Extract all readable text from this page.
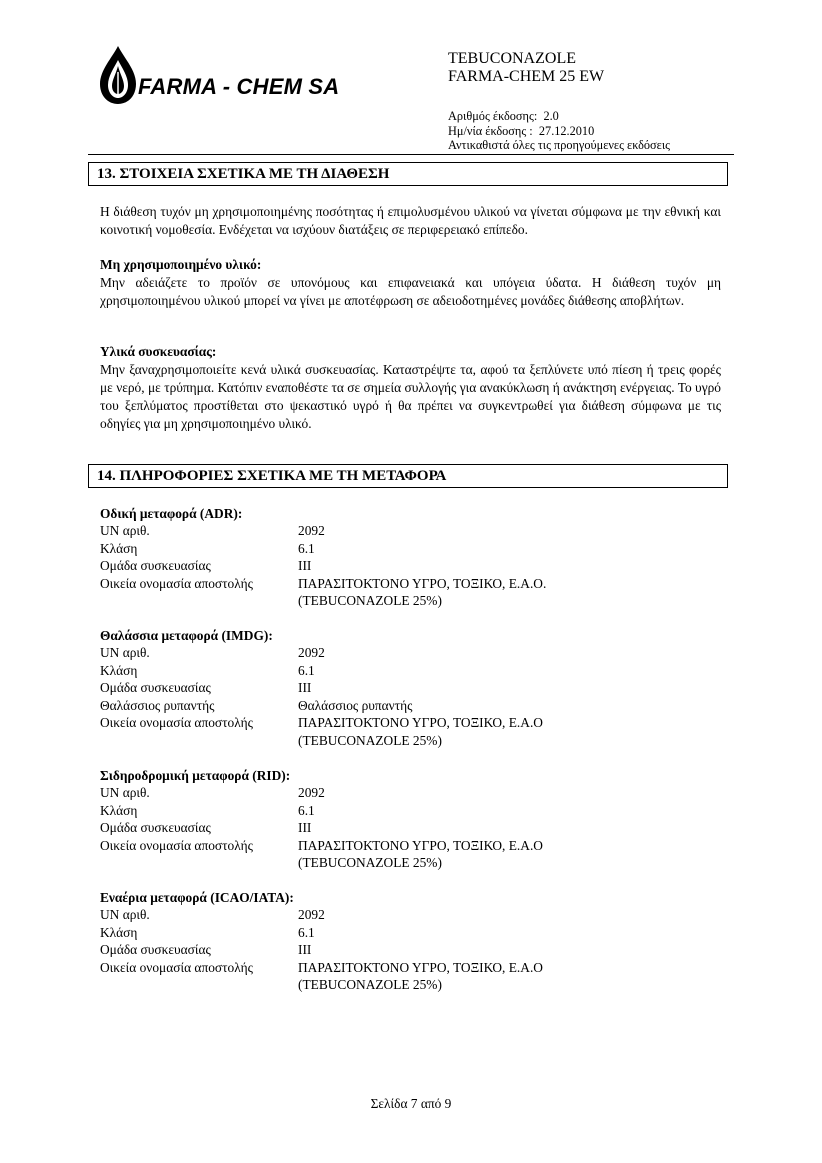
FARMA - CHEM SA
TEBUCONAZOLE
FARMA-CHEM 25 EW
Αριθμός έκδοσης: 2.0
Ημ/νία έκδοσης : 27.12.2010
Αντικαθιστά όλες τις προηγούμενες εκδόσεις
13. ΣΤΟΙΧΕΙΑ ΣΧΕΤΙΚΑ ΜΕ ΤΗ ΔΙΑΘΕΣΗ
Η διάθεση τυχόν μη χρησιμοποιημένης ποσότητας ή επιμολυσμένου υλικού να γίνεται σύμφωνα με την εθνική και κοινοτική νομοθεσία. Ενδέχεται να ισχύουν διατάξεις σε περιφερειακό επίπεδο.
Μη χρησιμοποιημένο υλικό:
Μην αδειάζετε το προϊόν σε υπονόμους και επιφανειακά και υπόγεια ύδατα. Η διάθεση τυχόν μη χρησιμοποιημένου υλικού μπορεί να γίνει με αποτέφρωση σε αδειοδοτημένες μονάδες διάθεσης αποβλήτων.
Υλικά συσκευασίας:
Μην ξαναχρησιμοποιείτε κενά υλικά συσκευασίας. Καταστρέψτε τα, αφού τα ξεπλύνετε υπό πίεση ή τρεις φορές με νερό, με τρύπημα. Κατόπιν εναποθέστε τα σε σημεία συλλογής για ανακύκλωση ή ανάκτηση ενέργειας. Το υγρό του ξεπλύματος προστίθεται στο ψεκαστικό υγρό ή θα πρέπει να συγκεντρωθεί για διάθεση σύμφωνα με τις οδηγίες για μη χρησιμοποιημένο υλικό.
14. ΠΛΗΡΟΦΟΡΙΕΣ ΣΧΕΤΙΚΑ ΜΕ ΤΗ ΜΕΤΑΦΟΡΑ
Οδική μεταφορά (ADR):
UN αριθ.	2092
Κλάση	6.1
Ομάδα συσκευασίας	III
Οικεία ονομασία αποστολής	ΠΑΡΑΣΙΤΟΚΤΟΝΟ ΥΓΡΟ, ΤΟΞΙΚΟ, Ε.Α.Ο.
(TEBUCONAZOLE 25%)
Θαλάσσια μεταφορά (IMDG):
UN αριθ.	2092
Κλάση	6.1
Ομάδα συσκευασίας	III
Θαλάσσιος ρυπαντής	Θαλάσσιος ρυπαντής
Οικεία ονομασία αποστολής	ΠΑΡΑΣΙΤΟΚΤΟΝΟ ΥΓΡΟ, ΤΟΞΙΚΟ, Ε.Α.Ο
(TEBUCONAZOLE 25%)
Σιδηροδρομική μεταφορά (RID):
UN αριθ.	2092
Κλάση	6.1
Ομάδα συσκευασίας	III
Οικεία ονομασία αποστολής	ΠΑΡΑΣΙΤΟΚΤΟΝΟ ΥΓΡΟ, ΤΟΞΙΚΟ, Ε.Α.Ο
(TEBUCONAZOLE 25%)
Εναέρια μεταφορά (ICAO/IATA):
UN αριθ.	2092
Κλάση	6.1
Ομάδα συσκευασίας	III
Οικεία ονομασία αποστολής	ΠΑΡΑΣΙΤΟΚΤΟΝΟ ΥΓΡΟ, ΤΟΞΙΚΟ, Ε.Α.Ο
(TEBUCONAZOLE 25%)
Σελίδα 7 από 9
